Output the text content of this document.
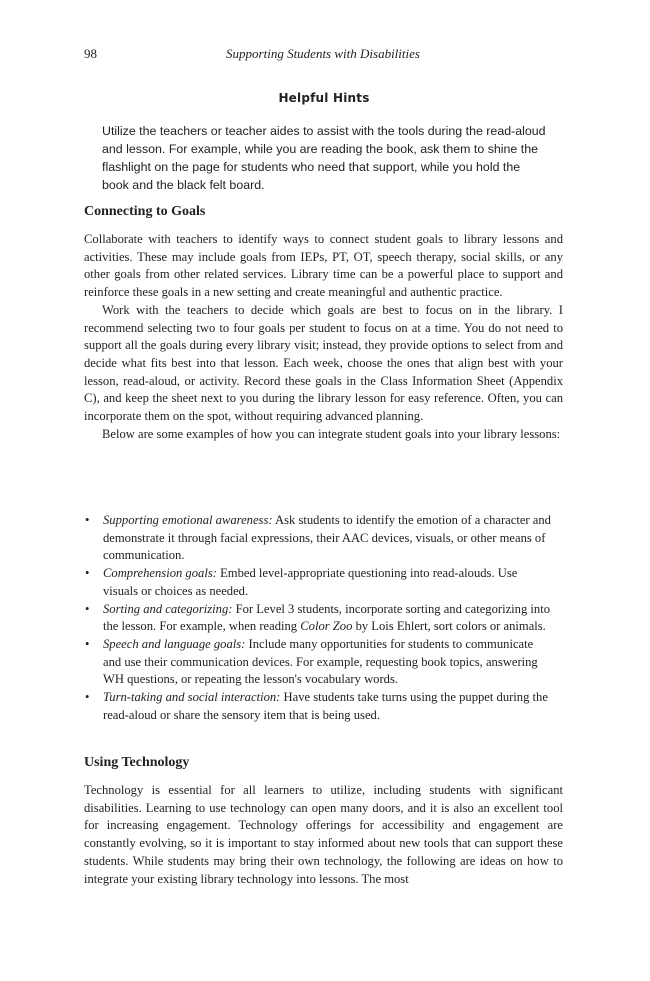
98	Supporting Students with Disabilities
Helpful Hints
Utilize the teachers or teacher aides to assist with the tools during the read-aloud and lesson. For example, while you are reading the book, ask them to shine the flashlight on the page for students who need that support, while you hold the book and the black felt board.
Connecting to Goals

Collaborate with teachers to identify ways to connect student goals to library lessons and activities. These may include goals from IEPs, PT, OT, speech therapy, social skills, or any other goals from other related services. Library time can be a powerful place to support and reinforce these goals in a new setting and create meaningful and authentic practice.

Work with the teachers to decide which goals are best to focus on in the library. I recommend selecting two to four goals per student to focus on at a time. You do not need to support all the goals during every library visit; instead, they provide options to select from and decide what fits best into that lesson. Each week, choose the ones that align best with your lesson, read-aloud, or activity. Record these goals in the Class Information Sheet (Appendix C), and keep the sheet next to you during the library lesson for easy reference. Often, you can incorporate them on the spot, without requiring advanced planning.

Below are some examples of how you can integrate student goals into your library lessons:

• Supporting emotional awareness: Ask students to identify the emotion of a character and demonstrate it through facial expressions, their AAC devices, visuals, or other means of communication.
• Comprehension goals: Embed level-appropriate questioning into read-alouds. Use visuals or choices as needed.
• Sorting and categorizing: For Level 3 students, incorporate sorting and categorizing into the lesson. For example, when reading Color Zoo by Lois Ehlert, sort colors or animals.
• Speech and language goals: Include many opportunities for students to communicate and use their communication devices. For example, requesting book topics, answering WH questions, or repeating the lesson's vocabulary words.
• Turn-taking and social interaction: Have students take turns using the puppet during the read-aloud or share the sensory item that is being used.
Using Technology

Technology is essential for all learners to utilize, including students with significant disabilities. Learning to use technology can open many doors, and it is also an excellent tool for increasing engagement. Technology offerings for accessibility and engagement are constantly evolving, so it is important to stay informed about new tools that can support these students. While students may bring their own technology, the following are ideas on how to integrate your existing library technology into lessons. The most
